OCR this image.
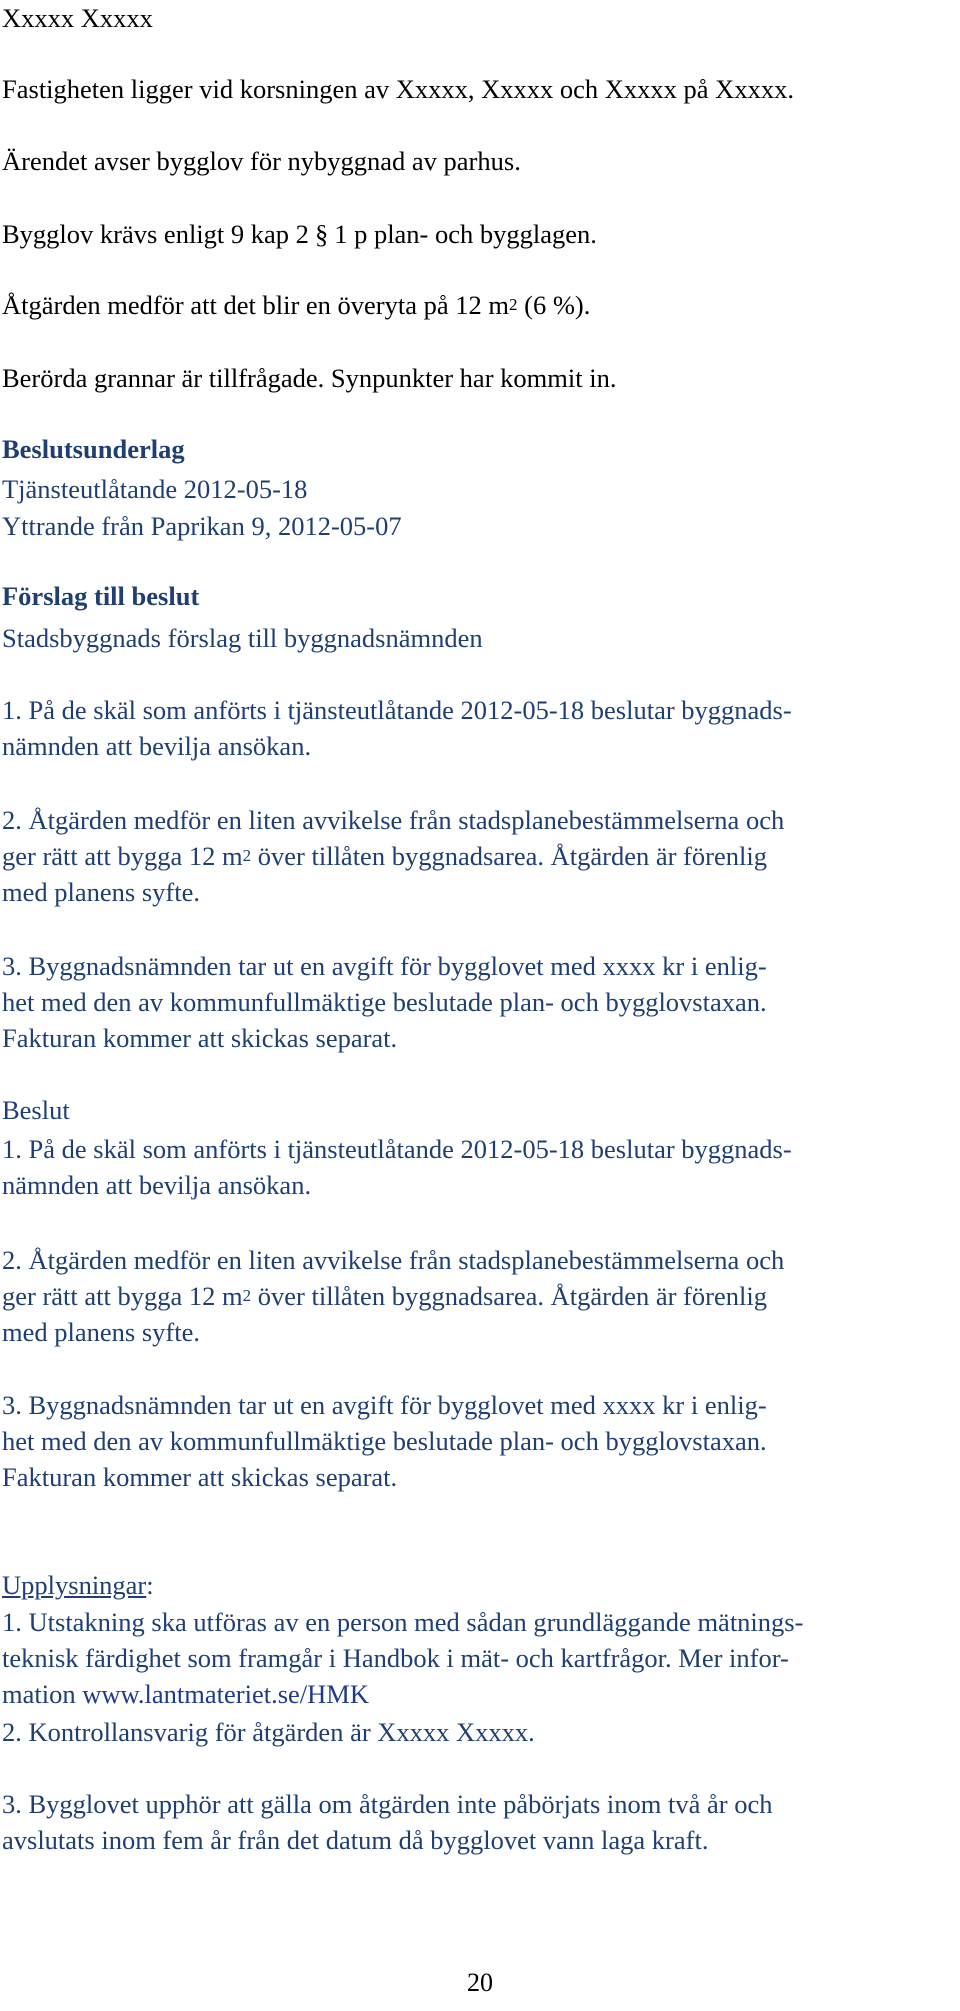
Xxxxx Xxxxx
Fastigheten ligger vid korsningen av Xxxxx, Xxxxx och Xxxxx på Xxxxx.
Ärendet avser bygglov för nybyggnad av parhus.
Bygglov krävs enligt 9 kap 2 § 1 p plan- och bygglagen.
Åtgärden medför att det blir en överyta på 12 $m^2$ (6 %).
Berörda grannar är tillfrågade. Synpunkter har kommit in.
Beslutsunderlag
Tjänsteutlåtande 2012-05-18
Yttrande från Paprikan 9, 2012-05-07
Förslag till beslut
Stadsbyggnads förslag till byggnadsnämnden
1. På de skäl som anförts i tjänsteutlåtande 2012-05-18 beslutar byggnads-
nämnden att bevilja ansökan.
2. Åtgärden medför en liten avvikelse från stadsplanebestämmelserna och
ger rätt att bygga 12 $m^2$ över tillåten byggnadsarea. Åtgärden är förenlig
med planens syfte.
3. Byggnadsnämnden tar ut en avgift för bygglovet med xxxx kr i enlig-
het med den av kommunfullmäktige beslutade plan- och bygglovstaxan.
Fakturan kommer att skickas separat.
Beslut
1. På de skäl som anförts i tjänsteutlåtande 2012-05-18 beslutar byggnads-
nämnden att bevilja ansökan.
2. Åtgärden medför en liten avvikelse från stadsplanebestämmelserna och
ger rätt att bygga 12 $m^2$ över tillåten byggnadsarea. Åtgärden är förenlig
med planens syfte.
3. Byggnadsnämnden tar ut en avgift för bygglovet med xxxx kr i enlig-
het med den av kommunfullmäktige beslutade plan- och bygglovstaxan.
Fakturan kommer att skickas separat.
Upplysningar:
1. Utstakning ska utföras av en person med sådan grundläggande mätnings-
teknisk färdighet som framgår i Handbok i mät- och kartfrågor. Mer infor-
mation www.lantmateriet.se/HMK
2. Kontrollansvarig för åtgärden är Xxxxx Xxxxx.
3. Bygglovet upphör att gälla om åtgärden inte påbörjats inom två år och
avslutats inom fem år från det datum då bygglovet vann laga kraft.
20
